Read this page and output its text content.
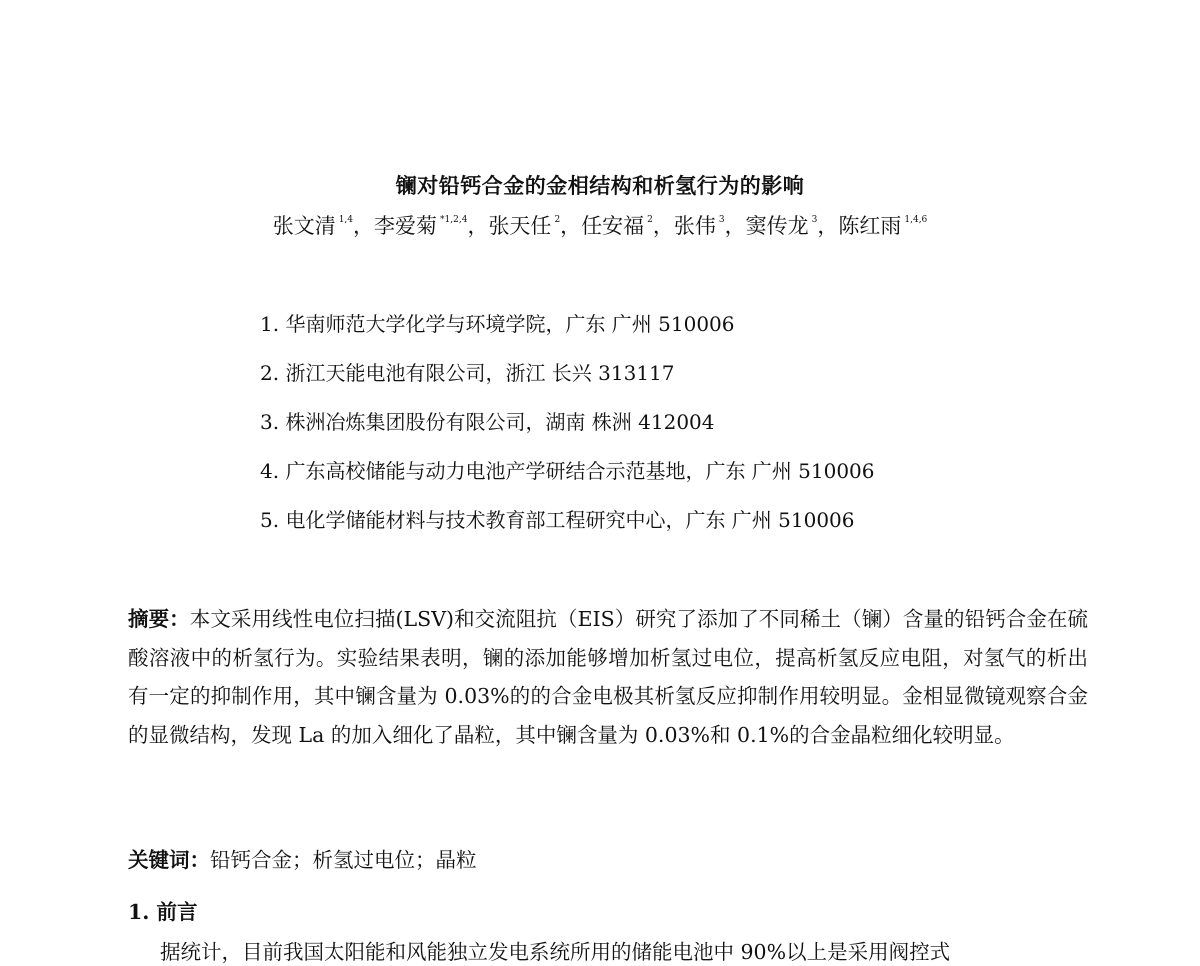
镧对铅钙合金的金相结构和析氢行为的影响
张文清 $^{1,4}$，李爱菊 $^{*1,2,4}$，张天任 $^2$，任安福 $^2$，张伟 $^3$，窦传龙 $^3$，陈红雨 $^{1,4,6}$
1. 华南师范大学化学与环境学院，广东 广州 510006
2. 浙江天能电池有限公司，浙江 长兴 313117
3. 株洲冶炼集团股份有限公司，湖南 株洲 412004
4. 广东高校储能与动力电池产学研结合示范基地，广东 广州 510006
5. 电化学储能材料与技术教育部工程研究中心，广东 广州 510006
摘要：本文采用线性电位扫描(LSV)和交流阻抗（EIS）研究了添加了不同稀土（镧）含量的铅钙合金在硫酸溶液中的析氢行为。实验结果表明，镧的添加能够增加析氢过电位，提高析氢反应电阻，对氢气的析出有一定的抑制作用，其中镧含量为 0.03%的的合金电极其析氢反应抑制作用较明显。金相显微镜观察合金的显微结构，发现 La 的加入细化了晶粒，其中镧含量为 0.03%和 0.1%的合金晶粒细化较明显。
关键词：铅钙合金；析氢过电位；晶粒
1. 前言
据统计，目前我国太阳能和风能独立发电系统所用的储能电池中 90%以上是采用阀控式
